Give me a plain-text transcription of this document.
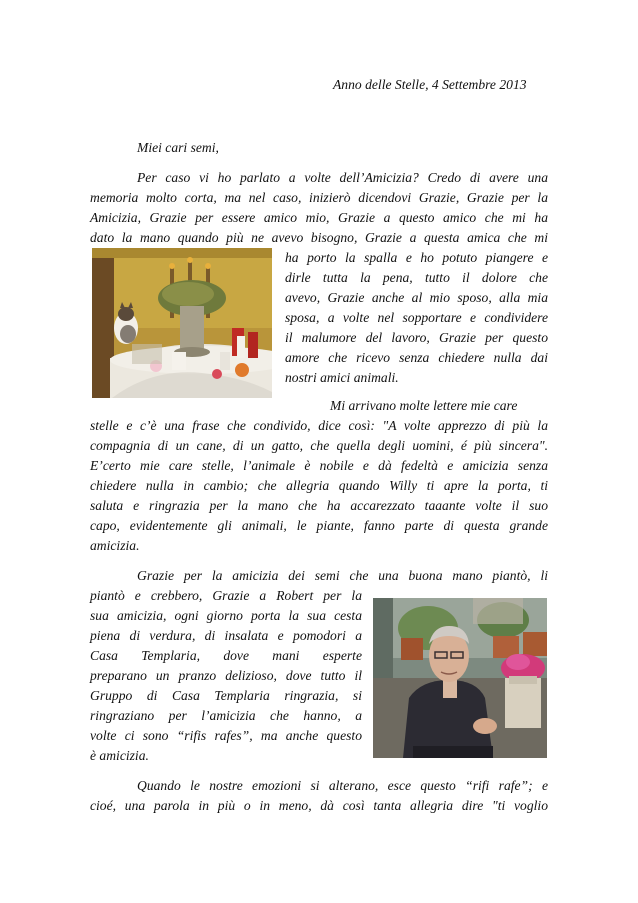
Anno delle Stelle, 4 Settembre 2013
Miei cari semi,
Per caso vi ho parlato a volte dell’Amicizia? Credo di avere una
memoria molto corta, ma nel caso, inizierò dicendovi Grazie, Grazie per la
Amicizia, Grazie per essere amico mio, Grazie a questo amico che mi ha
dato la mano quando più ne avevo bisogno, Grazie a questa amica che mi
ha porto la spalla e ho potuto piangere e
dirle tutta la pena, tutto il dolore che
avevo, Grazie anche al mio sposo, alla mia
sposa, a volte nel sopportare e condividere
il malumore del lavoro, Grazie per questo
amore che ricevo senza chiedere nulla dai
nostri amici animali.
Mi arrivano molte lettere mie care
stelle e c’è una frase che condivido, dice così: "A volte apprezzo di più la
compagnia di un cane, di un gatto, che quella degli uomini, é più sincera".
E’certo mie care stelle, l’animale è nobile e dà fedeltà e amicizia senza
chiedere nulla in cambio; che allegria quando Willy ti apre la porta, ti
saluta e ringrazia per la mano che ha accarezzato taaante volte il suo
capo, evidentemente gli animali, le piante, fanno parte di questa grande
amicizia.
Grazie per la amicizia dei semi che una buona mano piantò, li
piantò e crebbero, Grazie a Robert per la
sua amicizia, ogni giorno porta la sua cesta
piena di verdura, di insalata e pomodori a
Casa Templaria, dove mani esperte
preparano un pranzo delizioso, dove tutto il
Gruppo di Casa Templaria ringrazia, si
ringraziano per l’amicizia che hanno, a
volte ci sono “rifis rafes”, ma anche questo
è amicizia.
Quando le nostre emozioni si alterano, esce questo “rifi rafe”; e
cioé, una parola in più o in meno, dà così tanta allegria dire "ti voglio
